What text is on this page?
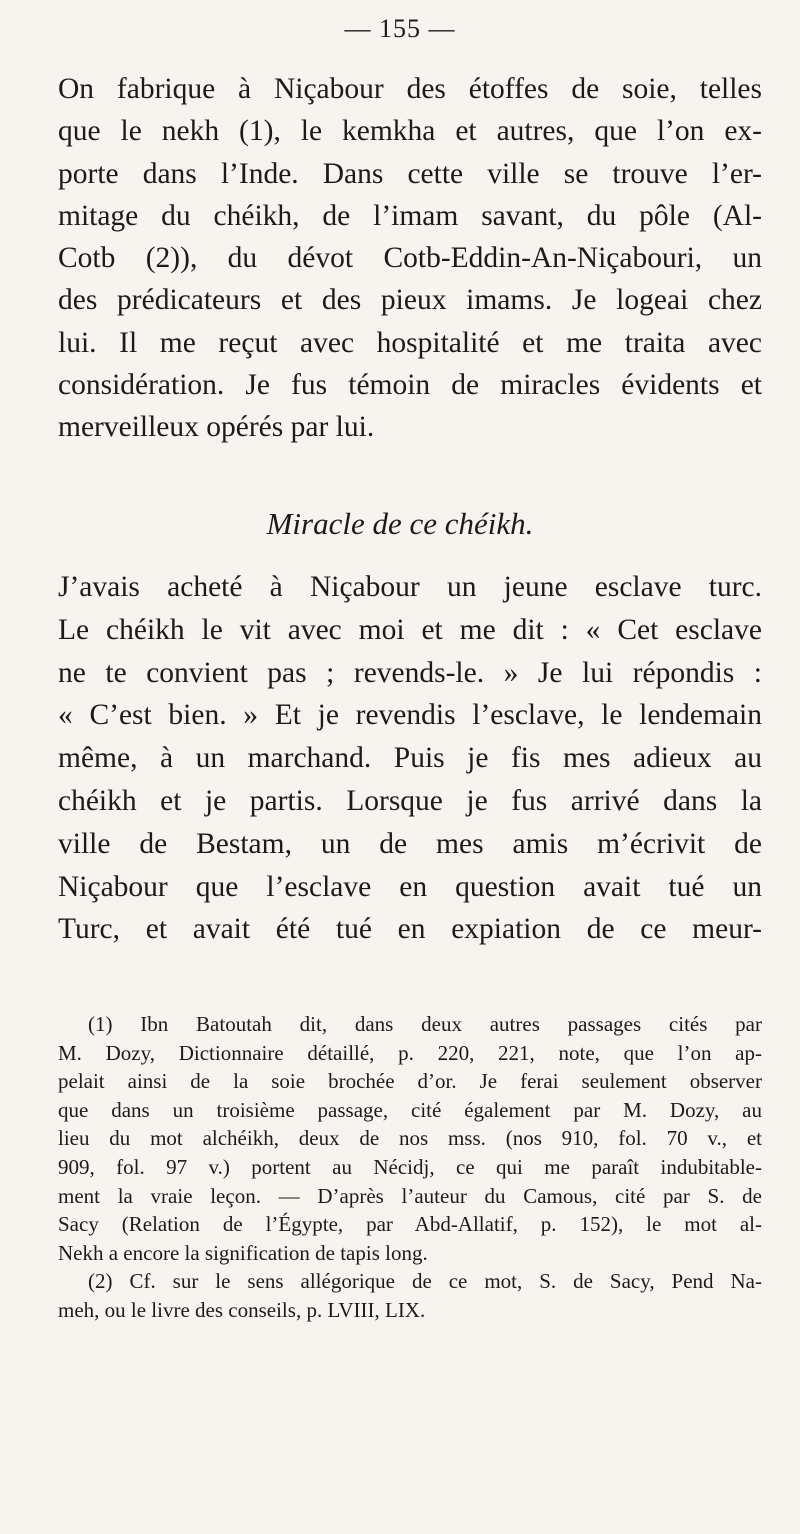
— 155 —
On fabrique à Niçabour des étoffes de soie, telles
que le nekh (1), le kemkha et autres, que l’on ex-
porte dans l’Inde. Dans cette ville se trouve l’er-
mitage du chéikh, de l’imam savant, du pôle (Al-
Cotb (2)), du dévot Cotb-Eddin-An-Niçabouri, un
des prédicateurs et des pieux imams. Je logeai chez
lui. Il me reçut avec hospitalité et me traita avec
considération. Je fus témoin de miracles évidents et
merveilleux opérés par lui.
Miracle de ce chéikh.
J’avais acheté à Niçabour un jeune esclave turc.
Le chéikh le vit avec moi et me dit : « Cet esclave
ne te convient pas ; revends-le. » Je lui répondis :
« C’est bien. » Et je revendis l’esclave, le lendemain
même, à un marchand. Puis je fis mes adieux au
chéikh et je partis. Lorsque je fus arrivé dans la
ville de Bestam, un de mes amis m’écrivit de
Niçabour que l’esclave en question avait tué un
Turc, et avait été tué en expiation de ce meur-
(1) Ibn Batoutah dit, dans deux autres passages cités par
M. Dozy, Dictionnaire détaillé, p. 220, 221, note, que l’on ap-
pelait ainsi de la soie brochée d’or. Je ferai seulement observer
que dans un troisième passage, cité également par M. Dozy, au
lieu du mot alchéikh, deux de nos mss. (nos 910, fol. 70 v., et
909, fol. 97 v.) portent au Nécidj, ce qui me paraît indubitable-
ment la vraie leçon. — D’après l’auteur du Camous, cité par S. de
Sacy (Relation de l’Égypte, par Abd-Allatif, p. 152), le mot al-
Nekh a encore la signification de tapis long.
(2) Cf. sur le sens allégorique de ce mot, S. de Sacy, Pend Na-
meh, ou le livre des conseils, p. LVIII, LIX.
